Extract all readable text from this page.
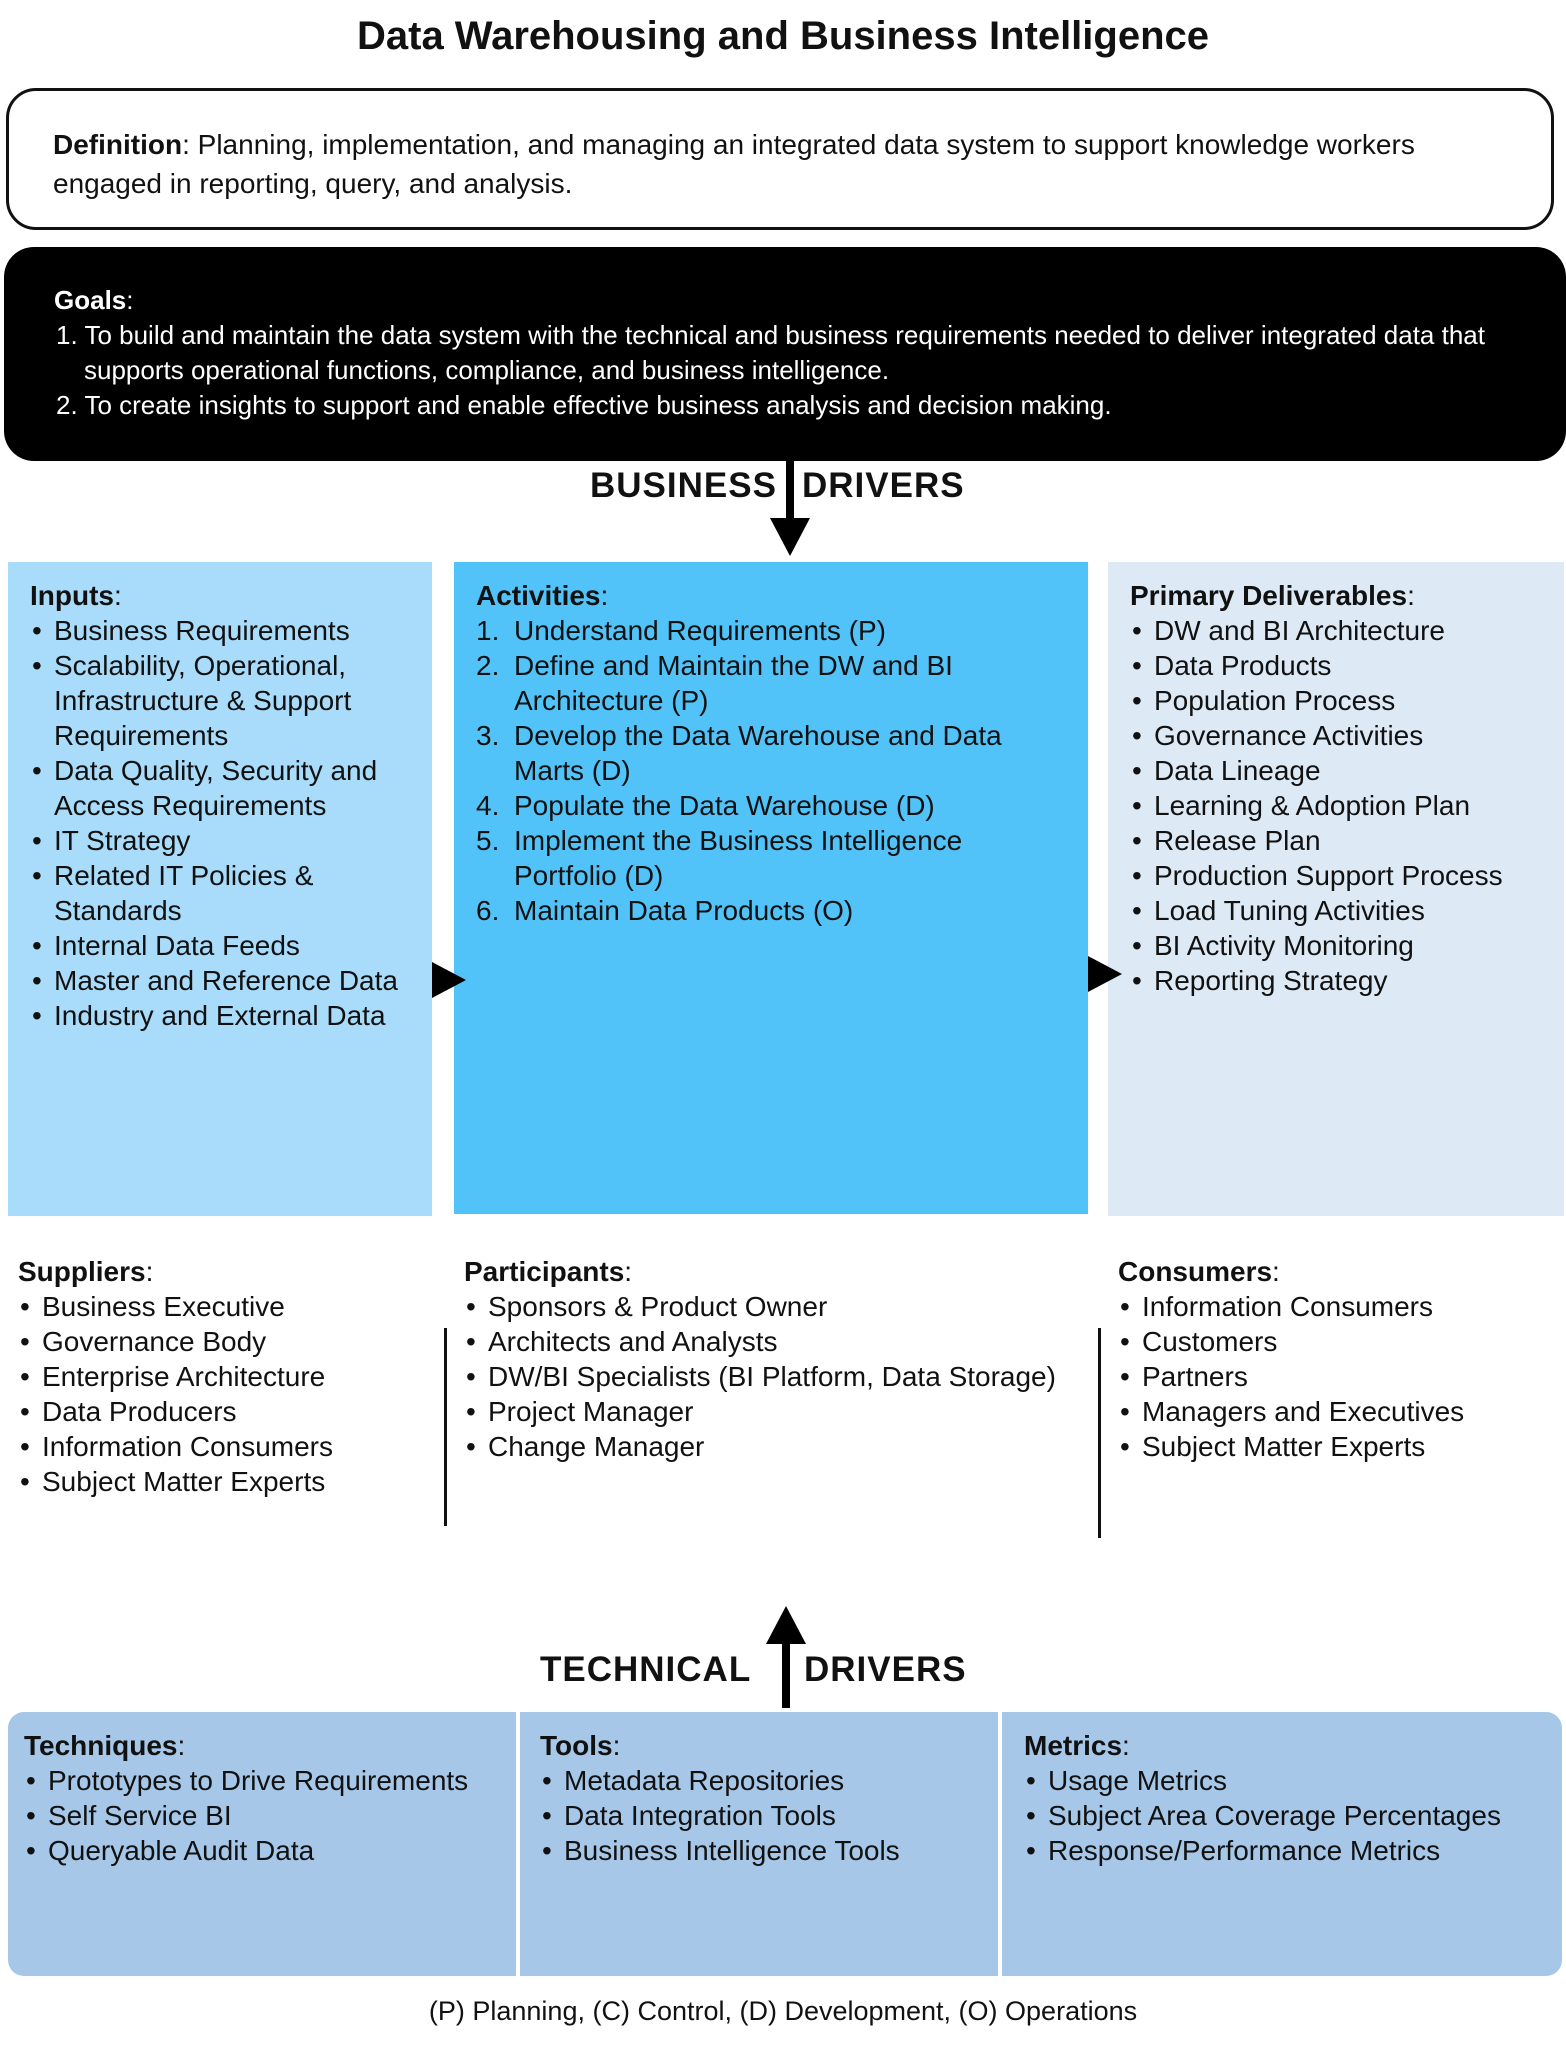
Data Warehousing and Business Intelligence
Definition: Planning, implementation, and managing an integrated data system to support knowledge workers engaged in reporting, query, and analysis.
Goals:
1. To build and maintain the data system with the technical and business requirements needed to deliver integrated data that supports operational functions, compliance, and business intelligence.
2. To create insights to support and enable effective business analysis and decision making.
BUSINESS DRIVERS
Inputs:
• Business Requirements
• Scalability, Operational, Infrastructure & Support Requirements
• Data Quality, Security and Access Requirements
• IT Strategy
• Related IT Policies & Standards
• Internal Data Feeds
• Master and Reference Data
• Industry and External Data
Activities:
1. Understand Requirements (P)
2. Define and Maintain the DW and BI Architecture (P)
3. Develop the Data Warehouse and Data Marts (D)
4. Populate the Data Warehouse (D)
5. Implement the Business Intelligence Portfolio (D)
6. Maintain Data Products (O)
Primary Deliverables:
• DW and BI Architecture
• Data Products
• Population Process
• Governance Activities
• Data Lineage
• Learning & Adoption Plan
• Release Plan
• Production Support Process
• Load Tuning Activities
• BI Activity Monitoring
• Reporting Strategy
Suppliers:
• Business Executive
• Governance Body
• Enterprise Architecture
• Data Producers
• Information Consumers
• Subject Matter Experts
Participants:
• Sponsors & Product Owner
• Architects and Analysts
• DW/BI Specialists (BI Platform, Data Storage)
• Project Manager
• Change Manager
Consumers:
• Information Consumers
• Customers
• Partners
• Managers and Executives
• Subject Matter Experts
TECHNICAL DRIVERS
Techniques:
• Prototypes to Drive Requirements
• Self Service BI
• Queryable Audit Data
Tools:
• Metadata Repositories
• Data Integration Tools
• Business Intelligence Tools
Metrics:
• Usage Metrics
• Subject Area Coverage Percentages
• Response/Performance Metrics
(P) Planning, (C) Control, (D) Development, (O) Operations
